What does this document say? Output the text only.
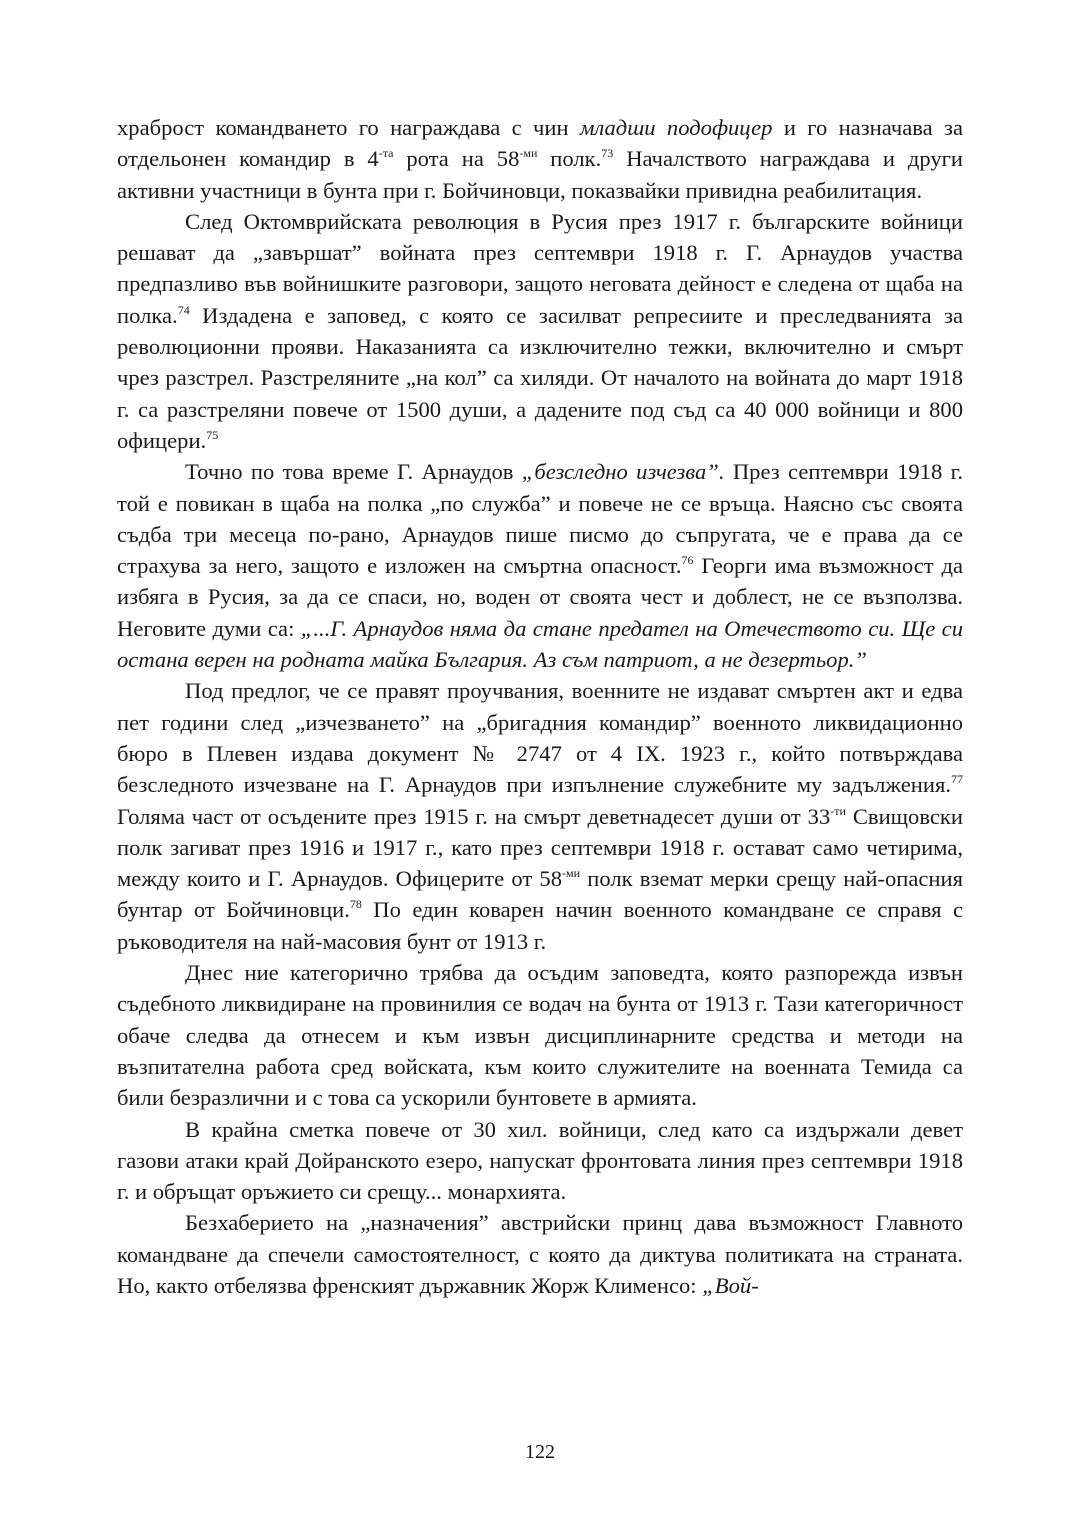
храброст командването го награждава с чин младши подофицер и го назначава за отдельонен командир в $4^{-та}$ рота на $58^{-ми}$ полк.$^{73}$ Началството награждава и други активни участници в бунта при г. Бойчиновци, показвайки привидна реабилитация.

След Октомврийската революция в Русия през 1917 г. българските войници решават да „завършат” войната през септември 1918 г. Г. Арнаудов участва предпазливо във войнишките разговори, защото неговата дейност е следена от щаба на полка.$^{74}$ Издадена е заповед, с която се засилват репресиите и преследванията за революционни прояви. Наказанията са изключително тежки, включително и смърт чрез разстрел. Разстреляните „на кол” са хиляди. От началото на войната до март 1918 г. са разстреляни повече от 1500 души, а дадените под съд са 40 000 войници и 800 офицери.$^{75}$

Точно по това време Г. Арнаудов „безследно изчезва”. През септември 1918 г. той е повикан в щаба на полка „по служба” и повече не се връща. Наясно със своята съдба три месеца по-рано, Арнаудов пише писмо до съпругата, че е права да се страхува за него, защото е изложен на смъртна опасност.$^{76}$ Георги има възможност да избяга в Русия, за да се спаси, но, воден от своята чест и доблест, не се възползва. Неговите думи са: „...Г. Арнаудов няма да стане предател на Отечеството си. Ще си остана верен на родната майка България. Аз съм патриот, а не дезертьор.”

Под предлог, че се правят проучвания, военните не издават смъртен акт и едва пет години след „изчезването” на „бригадния командир” военното ликвидационно бюро в Плевен издава документ № 2747 от 4 IX. 1923 г., който потвърждава безследното изчезване на Г. Арнаудов при изпълнение служебните му задължения.$^{77}$ Голяма част от осъдените през 1915 г. на смърт деветнадесет души от $33^{-ти}$ Свищовски полк загиват през 1916 и 1917 г., като през септември 1918 г. остават само четирима, между които и Г. Арнаудов. Офицерите от $58^{-ми}$ полк вземат мерки срещу най-опасния бунтар от Бойчиновци.$^{78}$ По един коварен начин военното командване се справя с ръководителя на най-масовия бунт от 1913 г.

Днес ние категорично трябва да осъдим заповедта, която разпорежда извън съдебното ликвидиране на провинилия се водач на бунта от 1913 г. Тази категоричност обаче следва да отнесем и към извън дисциплинарните средства и методи на възпитателна работа сред войската, към които служителите на военната Темида са били безразлични и с това са ускорили бунтовете в армията.

В крайна сметка повече от 30 хил. войници, след като са издържали девет газови атаки край Дойранското езеро, напускат фронтовата линия през септември 1918 г. и обръщат оръжието си срещу... монархията.

Безхаберието на „назначения” австрийски принц дава възможност Главното командване да спечели самостоятелност, с която да диктува политиката на страната. Но, както отбелязва френският държавник Жорж Клименсо: „Вой-

122
